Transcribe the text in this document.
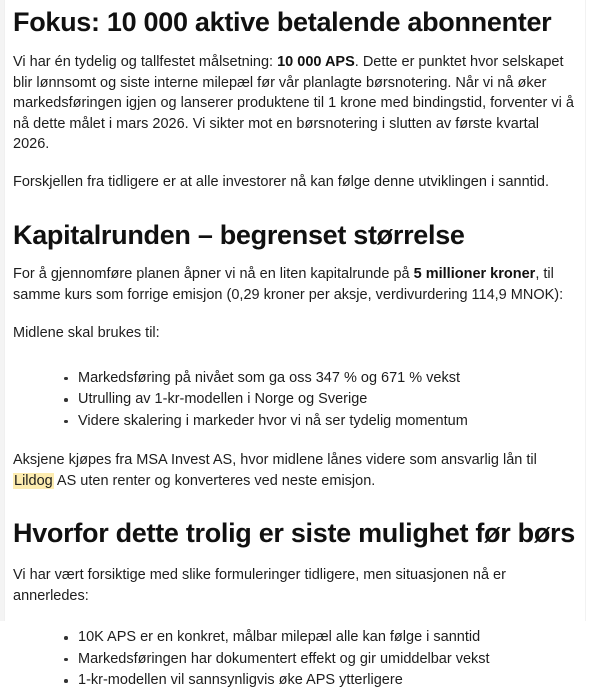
Fokus: 10 000 aktive betalende abonnenter

Vi har én tydelig og tallfestet målsetning: 10 000 APS. Dette er punktet hvor selskapet blir lønnsomt og siste interne milepæl før vår planlagte børsnotering. Når vi nå øker markedsføringen igjen og lanserer produktene til 1 krone med bindingstid, forventer vi å nå dette målet i mars 2026. Vi sikter mot en børsnotering i slutten av første kvartal 2026.

Forskjellen fra tidligere er at alle investorer nå kan følge denne utviklingen i sanntid.

Kapitalrunden – begrenset størrelse

For å gjennomføre planen åpner vi nå en liten kapitalrunde på 5 millioner kroner, til samme kurs som forrige emisjon (0,29 kroner per aksje, verdivurdering 114,9 MNOK):

Midlene skal brukes til:

Markedsføring på nivået som ga oss 347 % og 671 % vekst
Utrulling av 1-kr-modellen i Norge og Sverige
Videre skalering i markeder hvor vi nå ser tydelig momentum

Aksjene kjøpes fra MSA Invest AS, hvor midlene lånes videre som ansvarlig lån til Lildog AS uten renter og konverteres ved neste emisjon.

Hvorfor dette trolig er siste mulighet før børs

Vi har vært forsiktige med slike formuleringer tidligere, men situasjonen nå er annerledes:

10K APS er en konkret, målbar milepæl alle kan følge i sanntid
Markedsføringen har dokumentert effekt og gir umiddelbar vekst
1-kr-modellen vil sannsynligvis øke APS ytterligere
